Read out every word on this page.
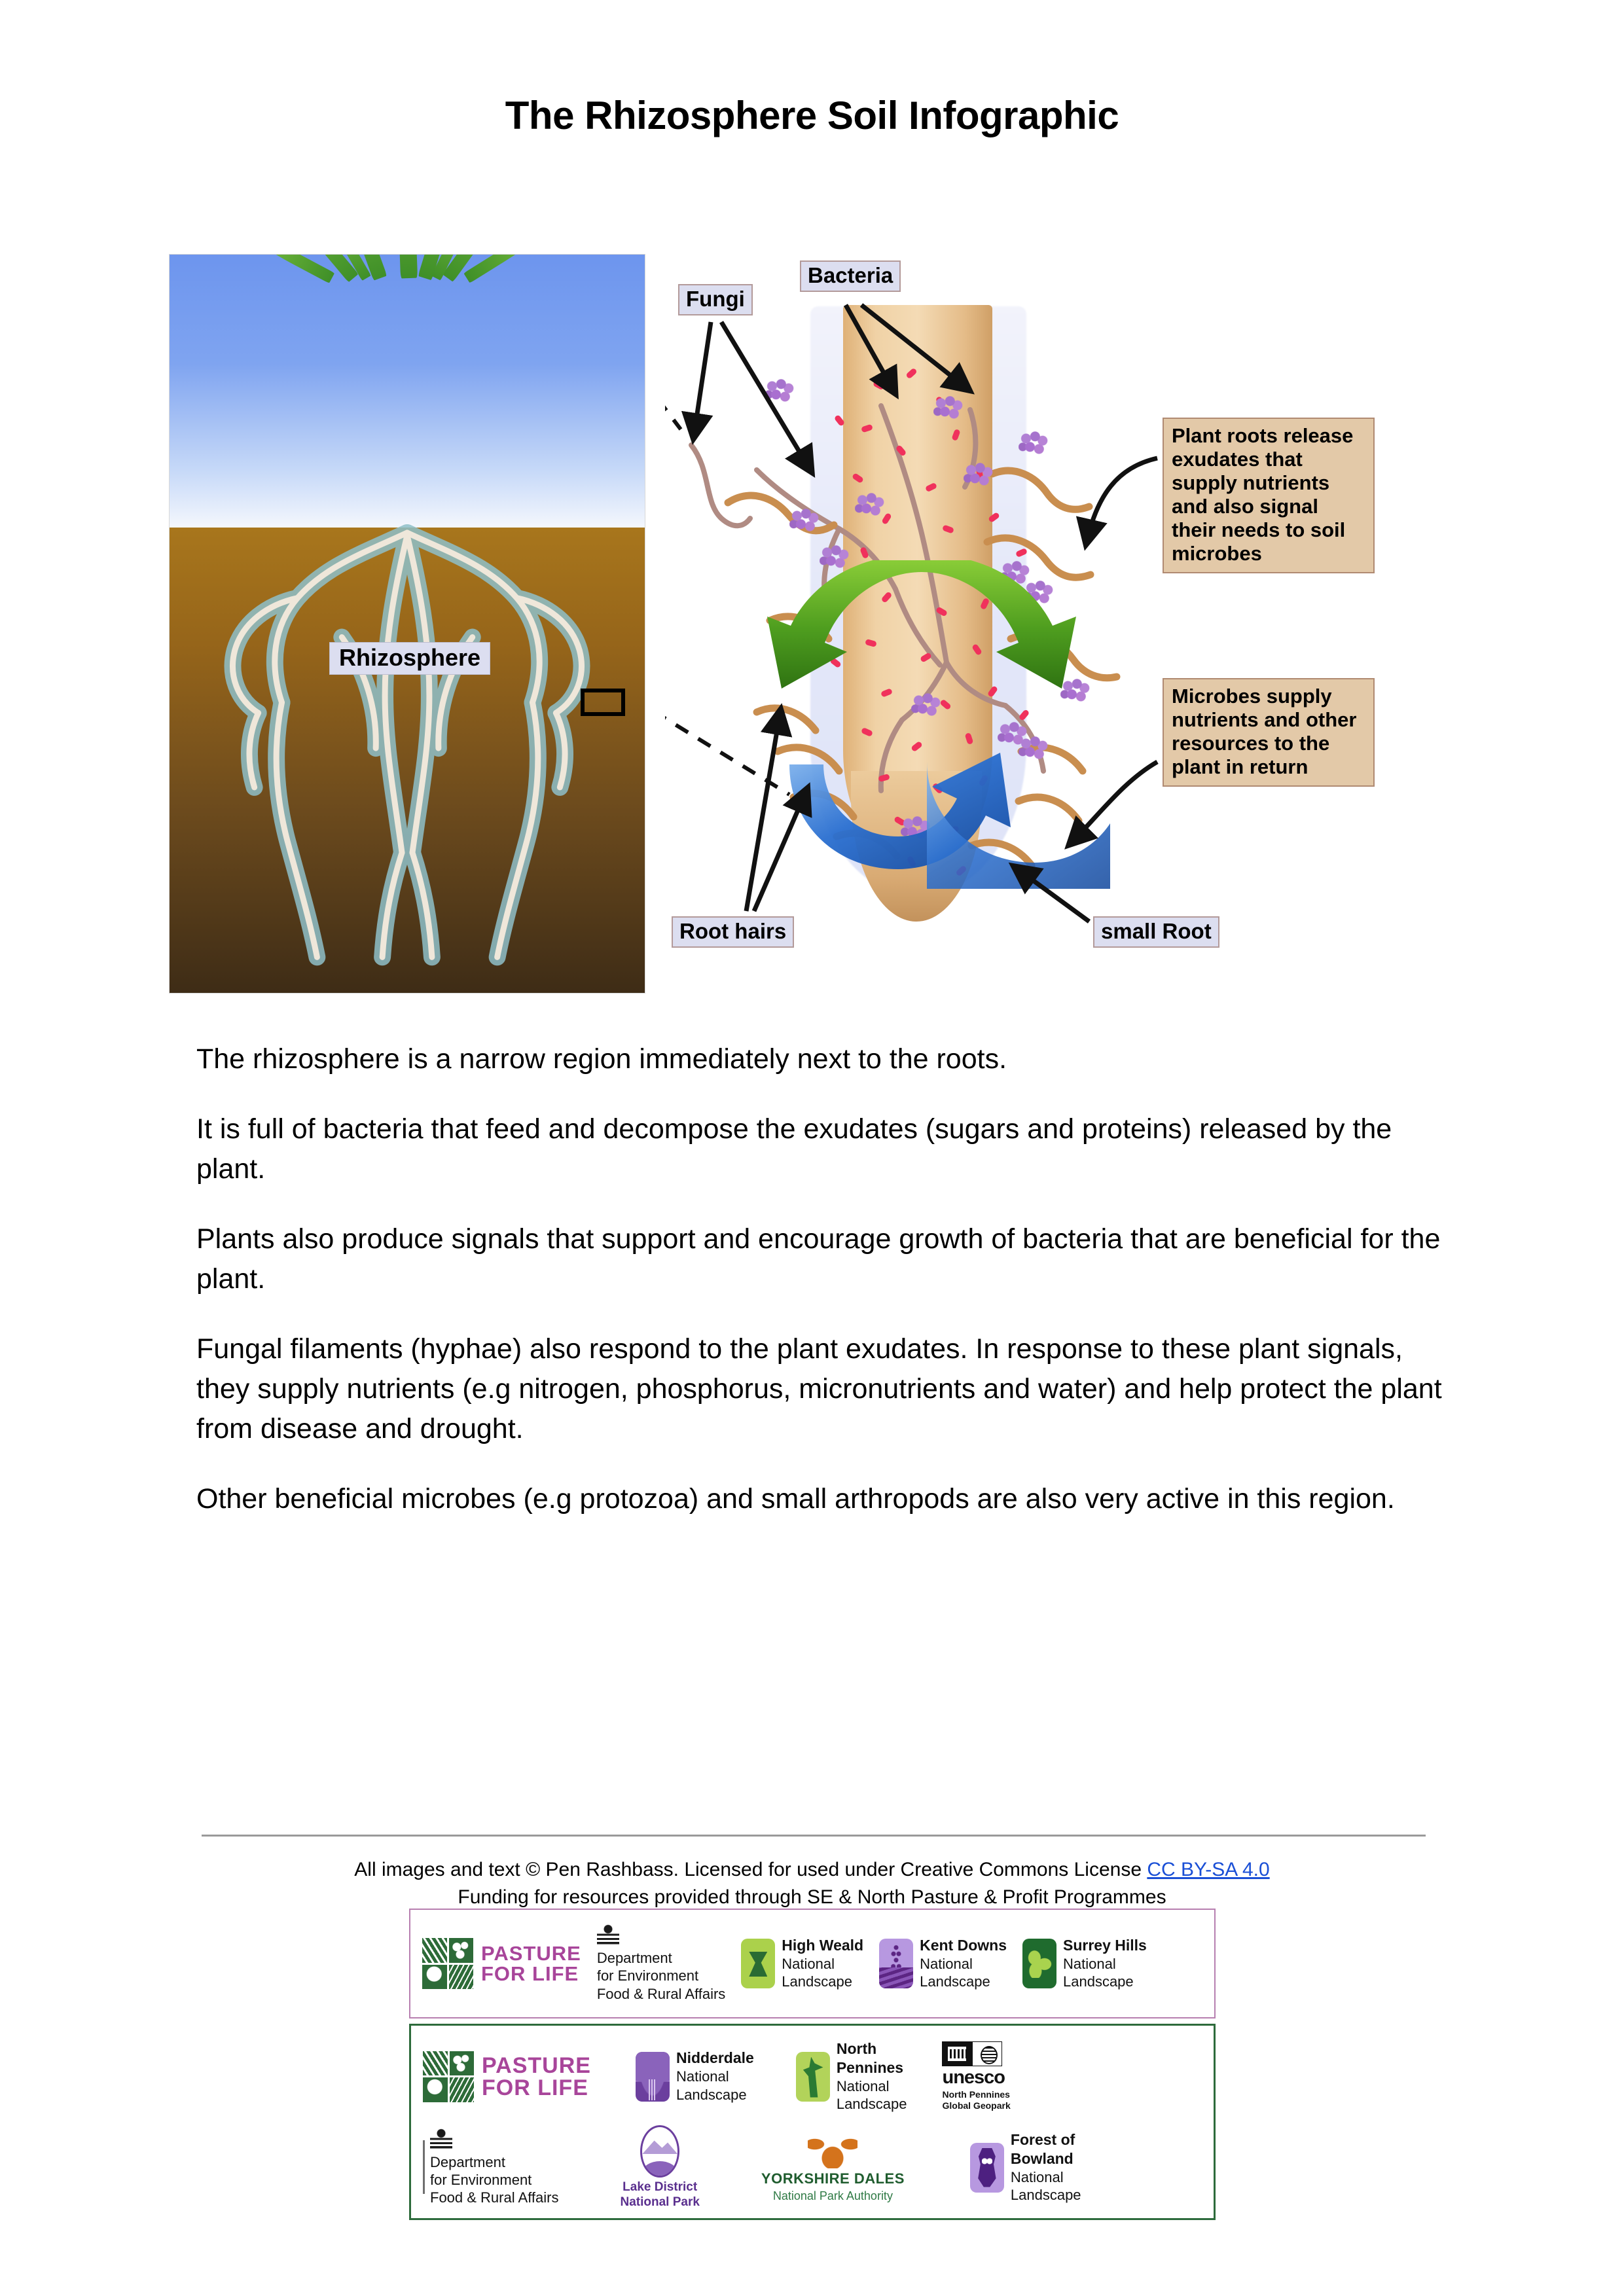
The Rhizosphere Soil Infographic
Rhizosphere
Fungi
Bacteria
Root hairs	small Root
Plant roots release exudates that supply nutrients and also signal their needs to soil microbes
Microbes supply nutrients and other resources to the plant in return

The rhizosphere is a narrow region immediately next to the roots.

It is full of bacteria that feed and decompose the exudates (sugars and proteins) released by the plant.

Plants also produce signals that support and encourage growth of bacteria that are beneficial for the plant.

Fungal filaments (hyphae) also respond to the plant exudates. In response to these plant signals, they supply nutrients (e.g nitrogen, phosphorus, micronutrients and water) and help protect the plant from disease and drought.

Other beneficial microbes (e.g protozoa) and small arthropods are also very active in this region.

All images and text © Pen Rashbass. Licensed for used under Creative Commons License CC BY-SA 4.0
Funding for resources provided through SE & North Pasture & Profit Programmes
PASTURE
FOR LIFE
Department
for Environment
Food & Rural Affairs
High Weald
National
Landscape
Kent Downs
National
Landscape
Surrey Hills
National
Landscape
PASTURE
FOR LIFE
Nidderdale
National
Landscape
North
Pennines
National
Landscape
unesco
North Pennines
Global Geopark
Department
for Environment
Food & Rural Affairs
Lake District
National Park
YORKSHIRE DALES
National Park Authority
Forest of
Bowland
National
Landscape
